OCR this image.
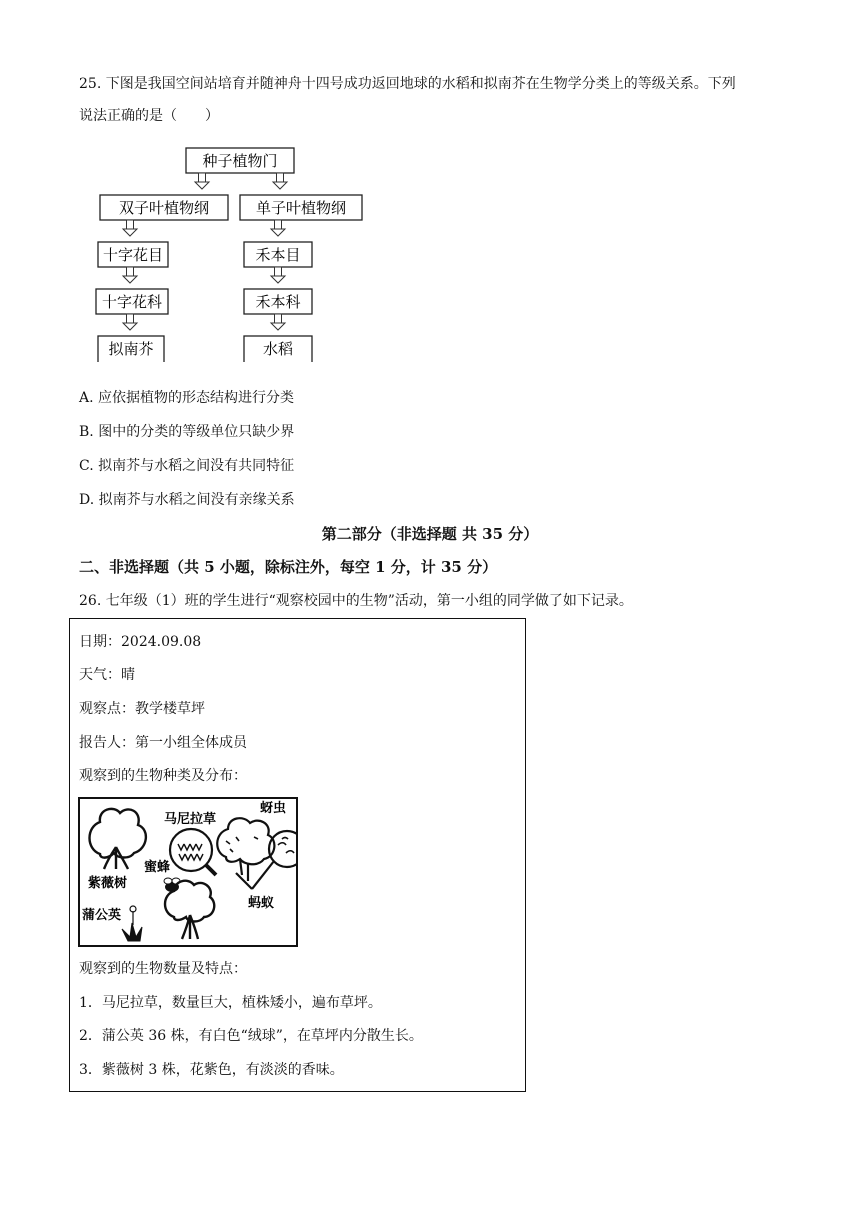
25. 下图是我国空间站培育并随神舟十四号成功返回地球的水稻和拟南芥在生物学分类上的等级关系。下列
说法正确的是（　　）
种子植物门
双子叶植物纲	单子叶植物纲
十字花目	禾本目
十字花科	禾本科
拟南芥	水稻
A. 应依据植物的形态结构进行分类
B. 图中的分类的等级单位只缺少界
C. 拟南芥与水稻之间没有共同特征
D. 拟南芥与水稻之间没有亲缘关系
第二部分（非选择题 共 35 分）
二、非选择题（共 5 小题，除标注外，每空 1 分，计 35 分）
26. 七年级（1）班的学生进行“观察校园中的生物”活动，第一小组的同学做了如下记录。
日期：2024.09.08
天气：晴
观察点：教学楼草坪
报告人：第一小组全体成员
观察到的生物种类及分布：
紫薇树
马尼拉草
蜜蜂
蚜虫
蚂蚁
蒲公英
观察到的生物数量及特点：
1．马尼拉草，数量巨大，植株矮小，遍布草坪。
2．蒲公英 36 株，有白色“绒球”，在草坪内分散生长。
3．紫薇树 3 株，花紫色，有淡淡的香味。
